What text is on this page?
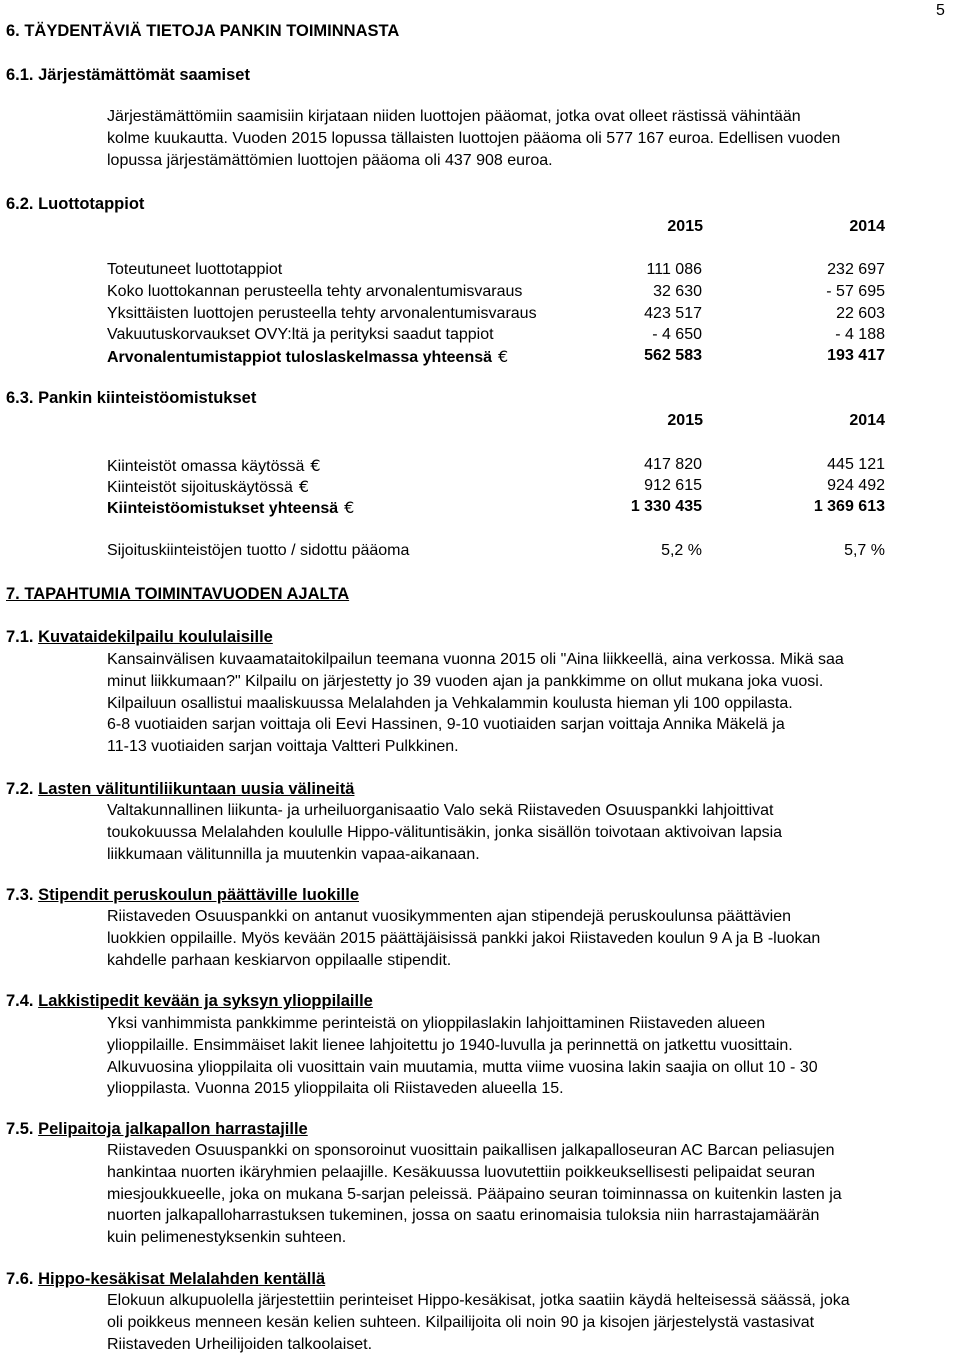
5
6. TÄYDENTÄVIÄ TIETOJA PANKIN TOIMINNASTA
6.1. Järjestämättömät saamiset
Järjestämättömiin saamisiin kirjataan niiden luottojen pääomat, jotka ovat olleet rästissä vähintään
kolme kuukautta. Vuoden 2015 lopussa tällaisten luottojen pääoma oli 577 167 euroa. Edellisen vuoden
lopussa järjestämättömien luottojen pääoma oli 437 908 euroa.
6.2. Luottotappiot
2015	2014
Toteutuneet luottotappiot	111 086	232 697
Koko luottokannan perusteella tehty arvonalentumisvaraus	32 630	- 57 695
Yksittäisten luottojen perusteella tehty arvonalentumisvaraus	423 517	22 603
Vakuutuskorvaukset OVY:ltä ja perityksi saadut tappiot	- 4 650	- 4 188
Arvonalentumistappiot tuloslaskelmassa yhteensä €	562 583	193 417
6.3. Pankin kiinteistöomistukset
2015	2014
Kiinteistöt omassa käytössä €	417 820	445 121
Kiinteistöt sijoituskäytössä €	912 615	924 492
Kiinteistöomistukset yhteensä €	1 330 435	1 369 613
Sijoituskiinteistöjen tuotto / sidottu pääoma	5,2 %	5,7 %
7. TAPAHTUMIA TOIMINTAVUODEN AJALTA
7.1. Kuvataidekilpailu koululaisille
Kansainvälisen kuvaamataitokilpailun teemana vuonna 2015 oli "Aina liikkeellä, aina verkossa. Mikä saa
minut liikkumaan?" Kilpailu on järjestetty jo 39 vuoden ajan ja pankkimme on ollut mukana joka vuosi.
Kilpailuun osallistui maaliskuussa Melalahden ja Vehkalammin koulusta hieman yli 100 oppilasta.
6-8 vuotiaiden sarjan voittaja oli Eevi Hassinen, 9-10 vuotiaiden sarjan voittaja Annika Mäkelä ja
11-13 vuotiaiden sarjan voittaja Valtteri Pulkkinen.
7.2. Lasten välituntiliikuntaan uusia välineitä
Valtakunnallinen liikunta- ja urheiluorganisaatio Valo sekä Riistaveden Osuuspankki lahjoittivat
toukokuussa Melalahden koululle Hippo-välituntisäkin, jonka sisällön toivotaan aktivoivan lapsia
liikkumaan välitunnilla ja muutenkin vapaa-aikanaan.
7.3. Stipendit peruskoulun päättäville luokille
Riistaveden Osuuspankki on antanut vuosikymmenten ajan stipendejä peruskoulunsa päättävien
luokkien oppilaille. Myös kevään 2015 päättäjäisissä pankki jakoi Riistaveden koulun 9 A ja B -luokan
kahdelle parhaan keskiarvon oppilaalle stipendit.
7.4. Lakkistipedit kevään ja syksyn ylioppilaille
Yksi vanhimmista pankkimme perinteistä on ylioppilaslakin lahjoittaminen Riistaveden alueen
ylioppilaille. Ensimmäiset lakit lienee lahjoitettu jo 1940-luvulla ja perinnettä on jatkettu vuosittain.
Alkuvuosina ylioppilaita oli vuosittain vain muutamia, mutta viime vuosina lakin saajia on ollut 10 - 30
ylioppilasta. Vuonna 2015 ylioppilaita oli Riistaveden alueella 15.
7.5. Pelipaitoja jalkapallon harrastajille
Riistaveden Osuuspankki on sponsoroinut vuosittain paikallisen jalkapalloseuran AC Barcan peliasujen
hankintaa nuorten ikäryhmien pelaajille. Kesäkuussa luovutettiin poikkeuksellisesti pelipaidat seuran
miesjoukkueelle, joka on mukana 5-sarjan peleissä. Pääpaino seuran toiminnassa on kuitenkin lasten ja
nuorten jalkapalloharrastuksen tukeminen, jossa on saatu erinomaisia tuloksia niin harrastajamäärän
kuin pelimenestyksenkin suhteen.
7.6. Hippo-kesäkisat Melalahden kentällä
Elokuun alkupuolella järjestettiin perinteiset Hippo-kesäkisat, jotka saatiin käydä helteisessä säässä, joka
oli poikkeus menneen kesän kelien suhteen. Kilpailijoita oli noin 90 ja kisojen järjestelystä vastasivat
Riistaveden Urheilijoiden talkoolaiset.
